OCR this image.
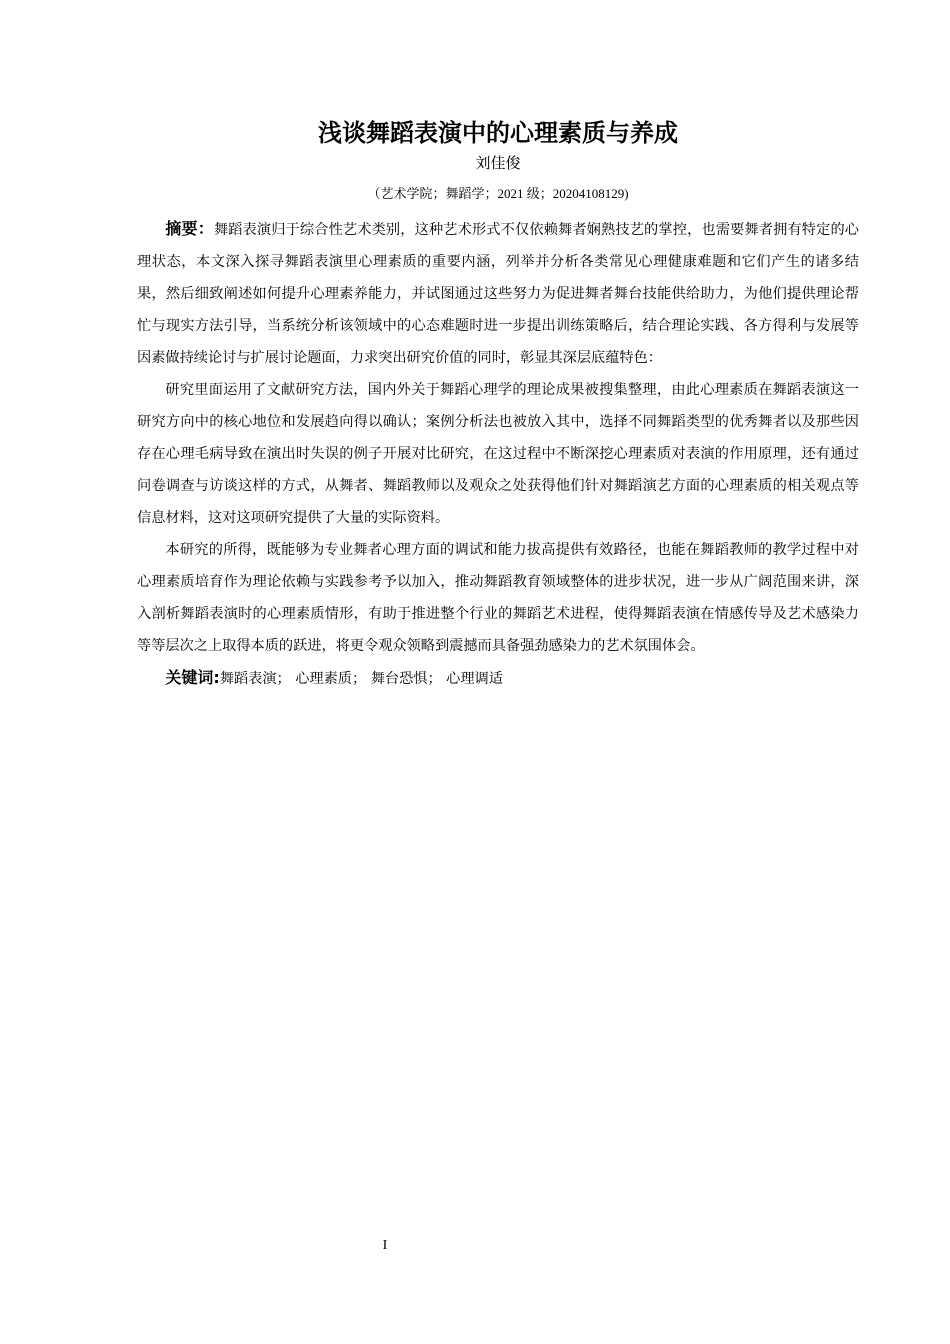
浅谈舞蹈表演中的心理素质与养成
刘佳俊
（艺术学院；舞蹈学；2021 级；20204108129)

摘要：舞蹈表演归于综合性艺术类别，这种艺术形式不仅依赖舞者娴熟技艺的掌控，也需要舞者拥有特定的心理状态，本文深入探寻舞蹈表演里心理素质的重要内涵，列举并分析各类常见心理健康难题和它们产生的诸多结果，然后细致阐述如何提升心理素养能力，并试图通过这些努力为促进舞者舞台技能供给助力，为他们提供理论帮忙与现实方法引导，当系统分析该领域中的心态难题时进一步提出训练策略后，结合理论实践、各方得利与发展等因素做持续论讨与扩展讨论题面，力求突出研究价值的同时，彰显其深层底蕴特色：

研究里面运用了文献研究方法，国内外关于舞蹈心理学的理论成果被搜集整理，由此心理素质在舞蹈表演这一研究方向中的核心地位和发展趋向得以确认；案例分析法也被放入其中，选择不同舞蹈类型的优秀舞者以及那些因存在心理毛病导致在演出时失误的例子开展对比研究，在这过程中不断深挖心理素质对表演的作用原理，还有通过问卷调查与访谈这样的方式，从舞者、舞蹈教师以及观众之处获得他们针对舞蹈演艺方面的心理素质的相关观点等信息材料，这对这项研究提供了大量的实际资料。

本研究的所得，既能够为专业舞者心理方面的调试和能力拔高提供有效路径，也能在舞蹈教师的教学过程中对心理素质培育作为理论依赖与实践参考予以加入，推动舞蹈教育领域整体的进步状况，进一步从广阔范围来讲，深入剖析舞蹈表演时的心理素质情形，有助于推进整个行业的舞蹈艺术进程，使得舞蹈表演在情感传导及艺术感染力等等层次之上取得本质的跃进，将更令观众领略到震撼而具备强劲感染力的艺术氛围体会。

关键词:舞蹈表演； 心理素质； 舞台恐惧； 心理调适

I
